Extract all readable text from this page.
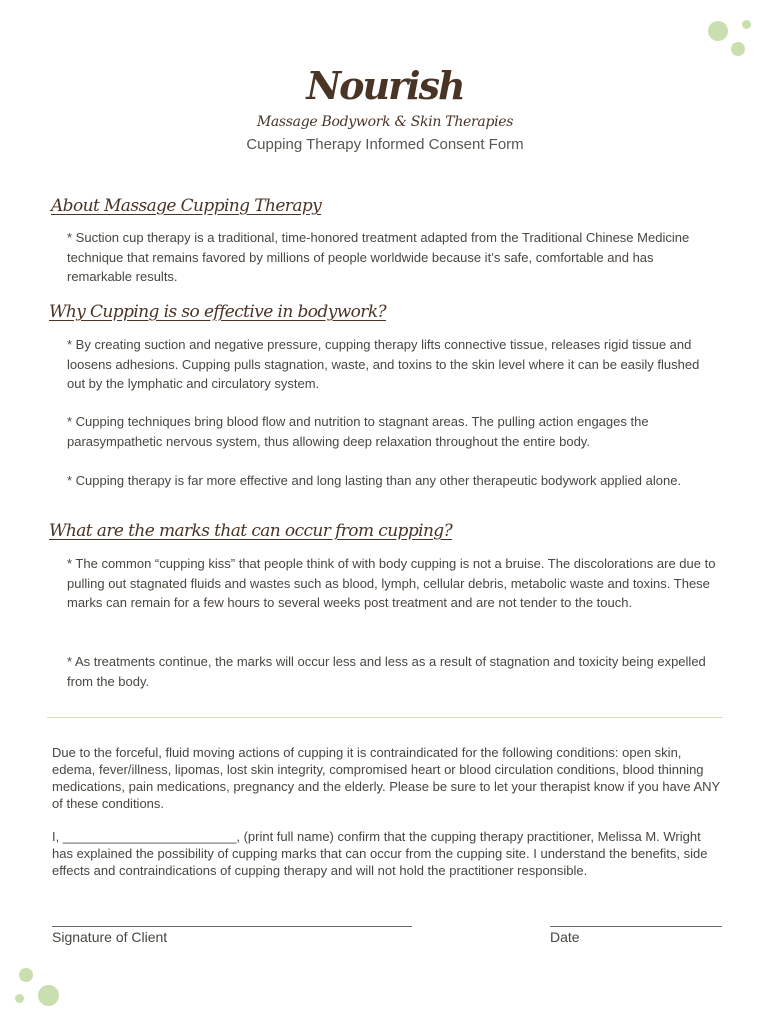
Nourish
Massage Bodywork & Skin Therapies
Cupping Therapy Informed Consent Form
About Massage Cupping Therapy

* Suction cup therapy is a traditional, time-honored treatment adapted from the Traditional Chinese Medicine technique that remains favored by millions of people worldwide because it’s safe, comfortable and has remarkable results.

Why Cupping is so effective in bodywork?

* By creating suction and negative pressure, cupping therapy lifts connective tissue, releases rigid tissue and loosens adhesions. Cupping pulls stagnation, waste, and toxins to the skin level where it can be easily flushed out by the lymphatic and circulatory system.

* Cupping techniques bring blood flow and nutrition to stagnant areas. The pulling action engages the parasympathetic nervous system, thus allowing deep relaxation throughout the entire body.

* Cupping therapy is far more effective and long lasting than any other therapeutic bodywork applied alone.

What are the marks that can occur from cupping?

* The common “cupping kiss” that people think of with body cupping is not a bruise. The discolorations are due to pulling out stagnated fluids and wastes such as blood, lymph, cellular debris, metabolic waste and toxins. These marks can remain for a few hours to several weeks post treatment and are not tender to the touch.

* As treatments continue, the marks will occur less and less as a result of stagnation and toxicity being expelled from the body.

Due to the forceful, fluid moving actions of cupping it is contraindicated for the following conditions: open skin, edema, fever/illness, lipomas, lost skin integrity, compromised heart or blood circulation conditions, blood thinning medications, pain medications, pregnancy and the elderly. Please be sure to let your therapist know if you have ANY of these conditions.

I, ________________________, (print full name) confirm that the cupping therapy practitioner, Melissa M. Wright has explained the possibility of cupping marks that can occur from the cupping site. I understand the benefits, side effects and contraindications of cupping therapy and will not hold the practitioner responsible.

Signature of Client	Date
